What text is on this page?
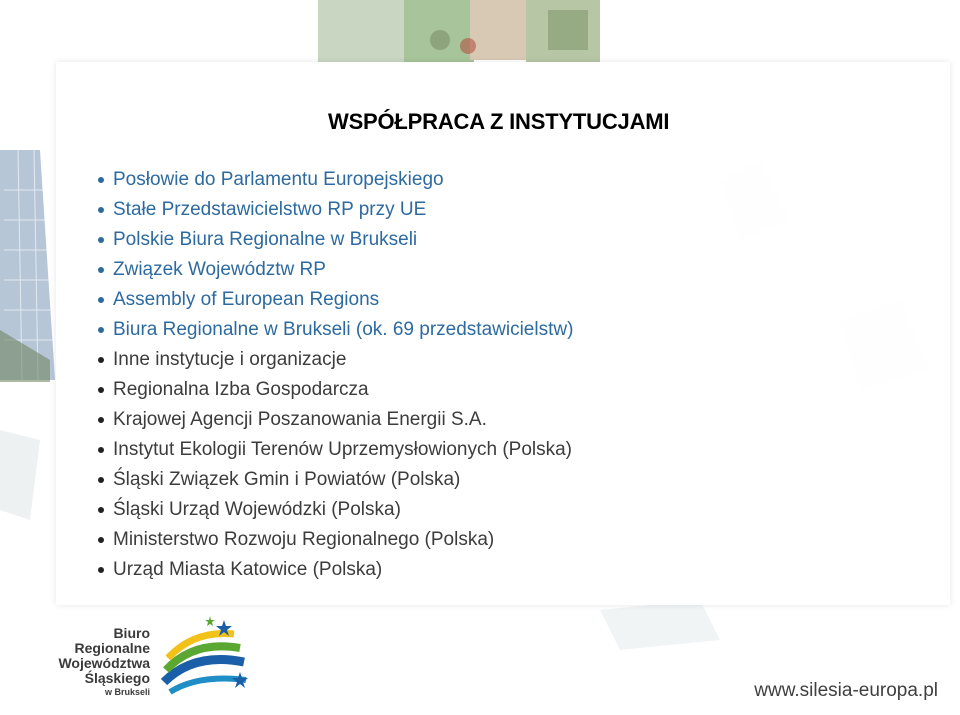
WSPÓŁPRACA Z INSTYTUCJAMI
Posłowie do Parlamentu Europejskiego
Stałe Przedstawicielstwo RP przy UE
Polskie Biura Regionalne w Brukseli
Związek Województw RP
Assembly of European Regions
Biura Regionalne w Brukseli (ok. 69 przedstawicielstw)
Inne instytucje i organizacje
Regionalna Izba Gospodarcza
Krajowej Agencji Poszanowania Energii S.A.
Instytut Ekologii Terenów Uprzemysłowionych (Polska)
Śląski Związek Gmin i Powiatów (Polska)
Śląski Urząd Wojewódzki (Polska)
Ministerstwo Rozwoju Regionalnego (Polska)
Urząd Miasta Katowice (Polska)
Biuro
Regionalne
Województwa
Śląskiego
w Brukseli	www.silesia-europa.pl
